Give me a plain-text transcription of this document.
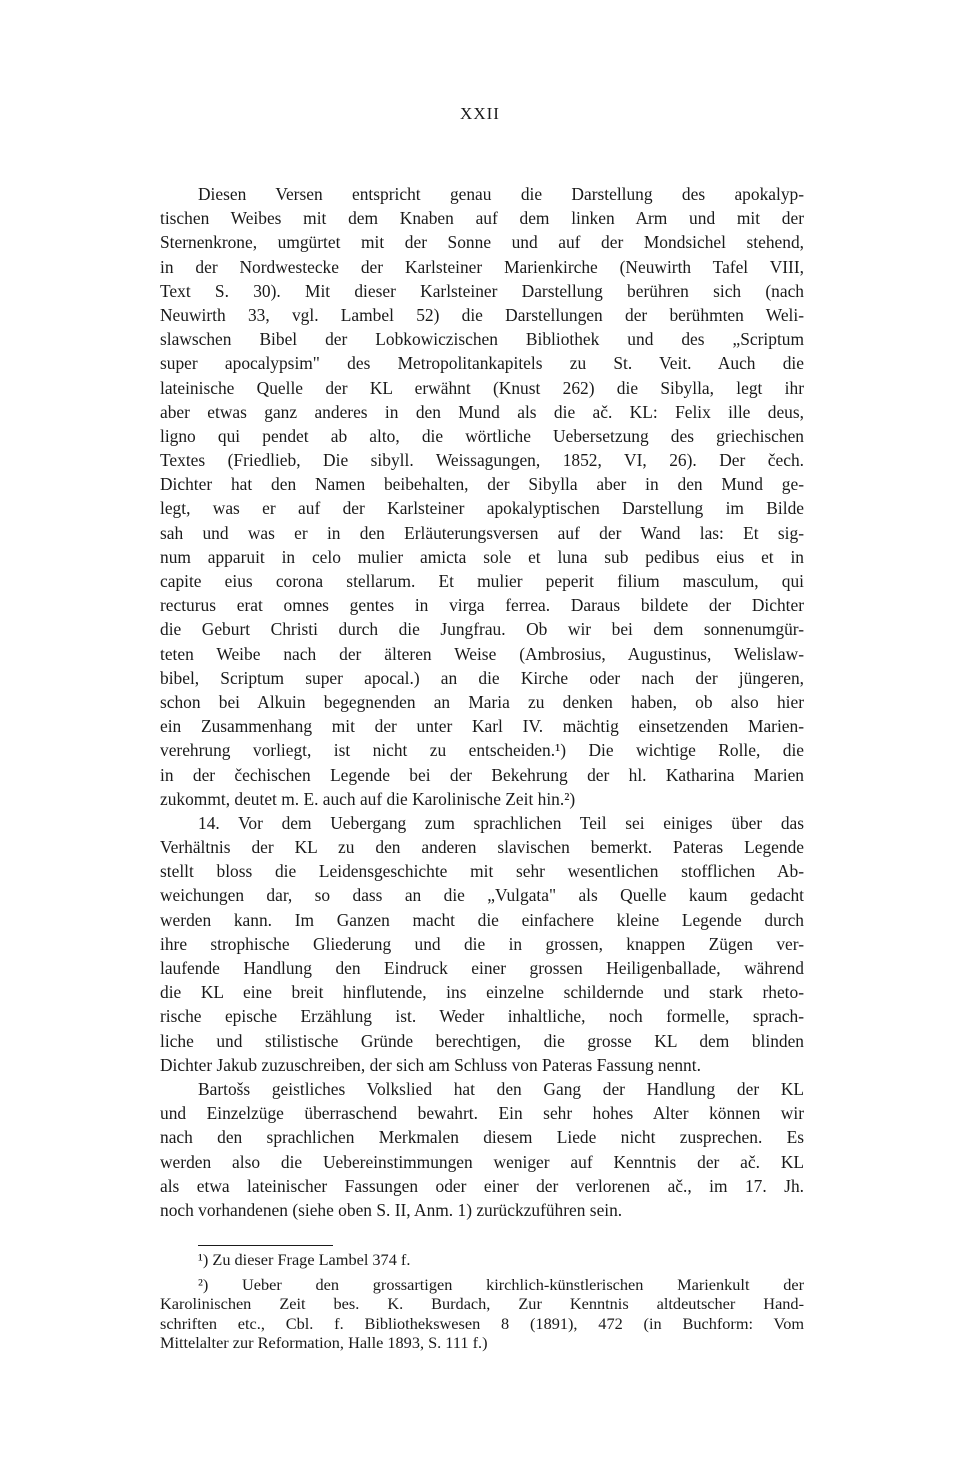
XXII
Diesen Versen entspricht genau die Darstellung des apokalyp-
tischen Weibes mit dem Knaben auf dem linken Arm und mit der
Sternenkrone, umgürtet mit der Sonne und auf der Mondsichel stehend,
in der Nordwestecke der Karlsteiner Marienkirche (Neuwirth Tafel VIII,
Text S. 30). Mit dieser Karlsteiner Darstellung berühren sich (nach
Neuwirth 33, vgl. Lambel 52) die Darstellungen der berühmten Weli-
slawschen Bibel der Lobkowiczischen Bibliothek und des „Scriptum
super apocalypsim" des Metropolitankapitels zu St. Veit. Auch die
lateinische Quelle der KL erwähnt (Knust 262) die Sibylla, legt ihr
aber etwas ganz anderes in den Mund als die ač. KL: Felix ille deus,
ligno qui pendet ab alto, die wörtliche Uebersetzung des griechischen
Textes (Friedlieb, Die sibyll. Weissagungen, 1852, VI, 26). Der čech.
Dichter hat den Namen beibehalten, der Sibylla aber in den Mund ge-
legt, was er auf der Karlsteiner apokalyptischen Darstellung im Bilde
sah und was er in den Erläuterungsversen auf der Wand las: Et sig-
num apparuit in celo mulier amicta sole et luna sub pedibus eius et in
capite eius corona stellarum. Et mulier peperit filium masculum, qui
recturus erat omnes gentes in virga ferrea. Daraus bildete der Dichter
die Geburt Christi durch die Jungfrau. Ob wir bei dem sonnenumgür-
teten Weibe nach der älteren Weise (Ambrosius, Augustinus, Welislaw-
bibel, Scriptum super apocal.) an die Kirche oder nach der jüngeren,
schon bei Alkuin begegnenden an Maria zu denken haben, ob also hier
ein Zusammenhang mit der unter Karl IV. mächtig einsetzenden Marien-
verehrung vorliegt, ist nicht zu entscheiden.¹) Die wichtige Rolle, die
in der čechischen Legende bei der Bekehrung der hl. Katharina Marien
zukommt, deutet m. E. auch auf die Karolinische Zeit hin.²)
14. Vor dem Uebergang zum sprachlichen Teil sei einiges über das
Verhältnis der KL zu den anderen slavischen bemerkt. Pateras Legende
stellt bloss die Leidensgeschichte mit sehr wesentlichen stofflichen Ab-
weichungen dar, so dass an die „Vulgata" als Quelle kaum gedacht
werden kann. Im Ganzen macht die einfachere kleine Legende durch
ihre strophische Gliederung und die in grossen, knappen Zügen ver-
laufende Handlung den Eindruck einer grossen Heiligenballade, während
die KL eine breit hinflutende, ins einzelne schildernde und stark rheto-
rische epische Erzählung ist. Weder inhaltliche, noch formelle, sprach-
liche und stilistische Gründe berechtigen, die grosse KL dem blinden
Dichter Jakub zuzuschreiben, der sich am Schluss von Pateras Fassung nennt.
Bartošs geistliches Volkslied hat den Gang der Handlung der KL
und Einzelzüge überraschend bewahrt. Ein sehr hohes Alter können wir
nach den sprachlichen Merkmalen diesem Liede nicht zusprechen. Es
werden also die Uebereinstimmungen weniger auf Kenntnis der ač. KL
als etwa lateinischer Fassungen oder einer der verlorenen ač., im 17. Jh.
noch vorhandenen (siehe oben S. II, Anm. 1) zurückzuführen sein.
¹) Zu dieser Frage Lambel 374 f.
²) Ueber den grossartigen kirchlich-künstlerischen Marienkult der
Karolinischen Zeit bes. K. Burdach, Zur Kenntnis altdeutscher Hand-
schriften etc., Cbl. f. Bibliothekswesen 8 (1891), 472 (in Buchform: Vom
Mittelalter zur Reformation, Halle 1893, S. 111 f.)
